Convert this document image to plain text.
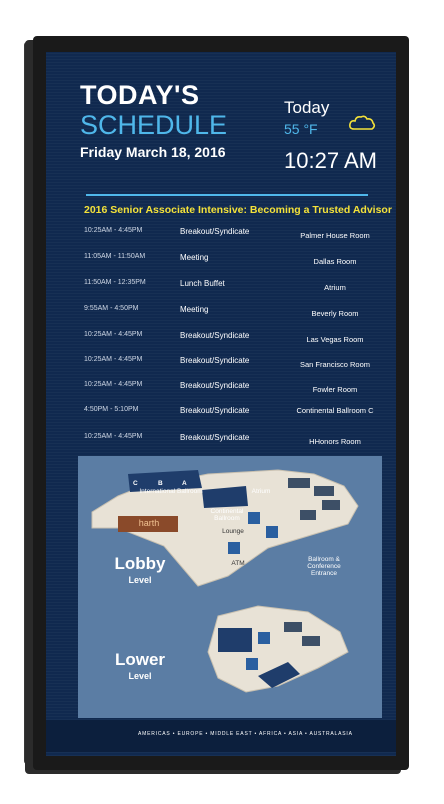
TODAY'S
SCHEDULE
Friday March 18, 2016
Today
55 °F
10:27 AM
2016 Senior Associate Intensive: Becoming a Trusted Advisor
10:25AM - 4:45PM	Breakout/Syndicate	Palmer House Room
11:05AM - 11:50AM	Meeting	Dallas Room
11:50AM - 12:35PM	Lunch Buffet	Atrium
9:55AM - 4:50PM	Meeting	Beverly Room
10:25AM - 4:45PM	Breakout/Syndicate	Las Vegas Room
10:25AM - 4:45PM	Breakout/Syndicate	San Francisco Room
10:25AM - 4:45PM	Breakout/Syndicate	Fowler Room
4:50PM - 5:10PM	Breakout/Syndicate	Continental Ballroom C
10:25AM - 4:45PM	Breakout/Syndicate	HHonors Room
C	B	A
International Ballroom
Continental Ballroom
Atrium
Lounge
harth
ATM
Ballroom & Conference Entrance
Lobby
Level
Lower
Level
AMERICAS • EUROPE • MIDDLE EAST • AFRICA • ASIA • AUSTRALASIA
